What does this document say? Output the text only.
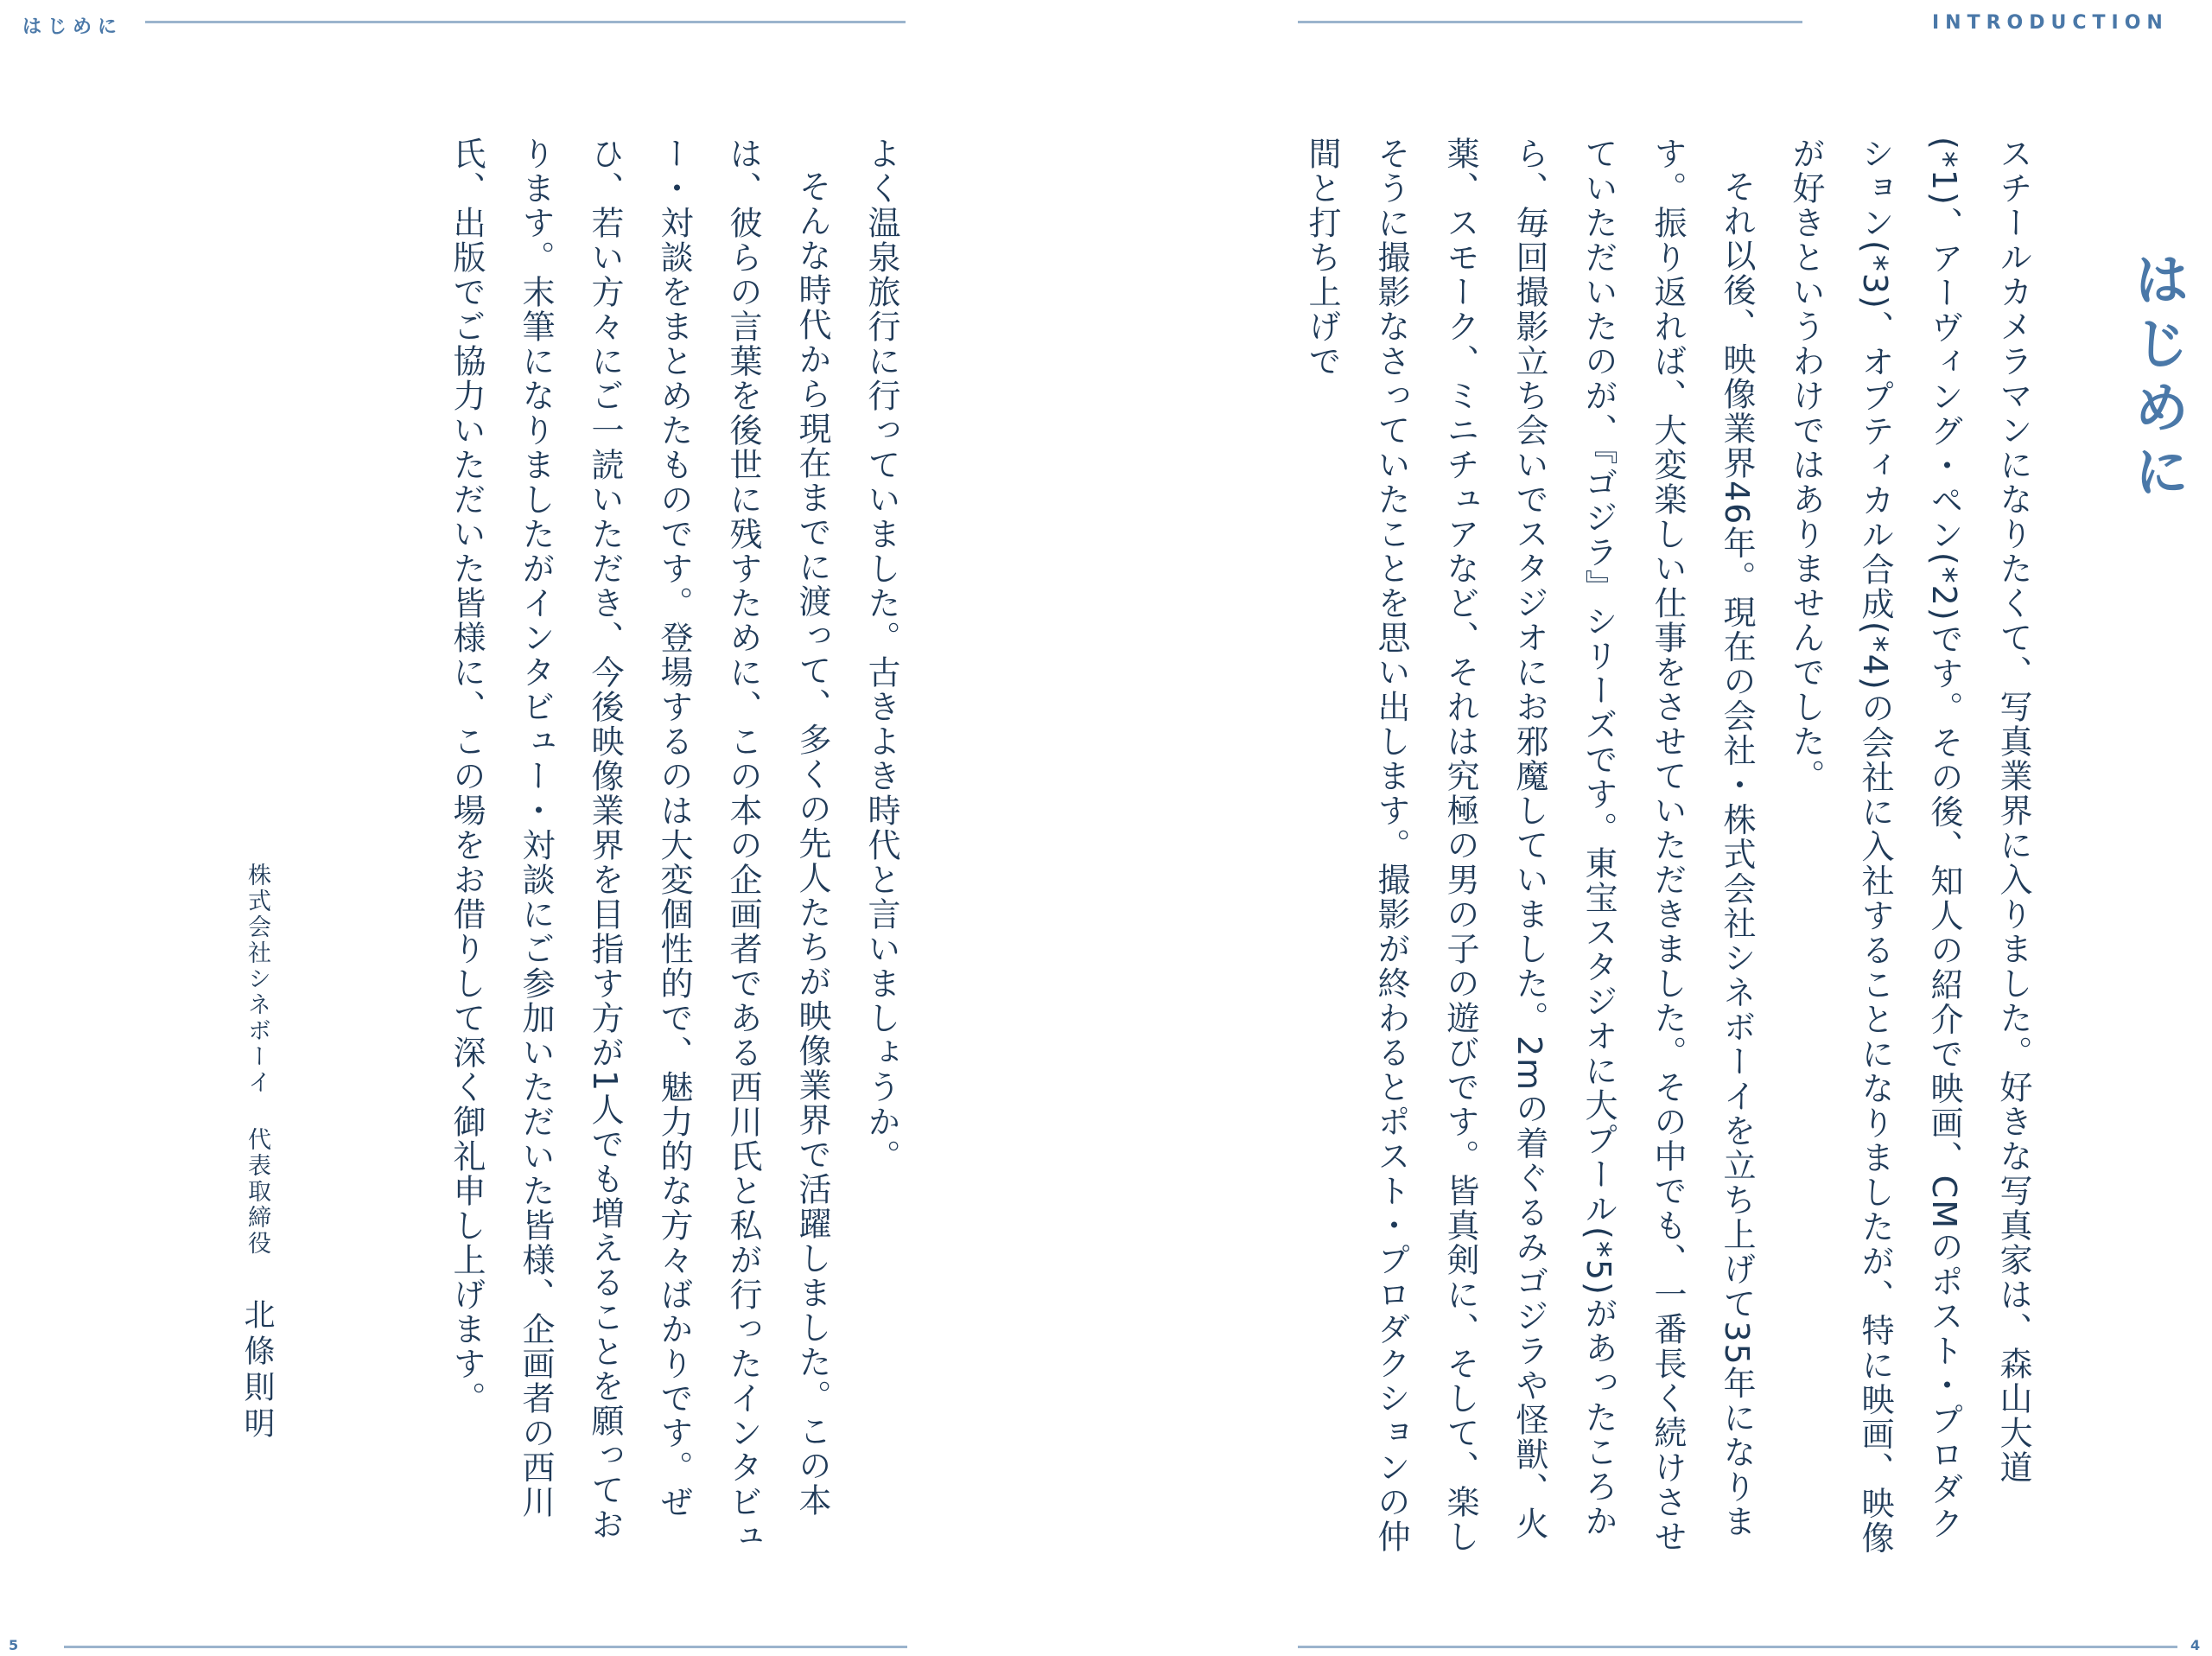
はじめに

よく温泉旅行に行っていました。古きよき時代と言いましょうか。

そんな時代から現在までに渡って、多くの先人たちが映像業界で活躍しました。この本は、彼らの言葉を後世に残すために、この本の企画者である西川氏と私が行ったインタビュー・対談をまとめたものです。登場するのは大変個性的で、魅力的な方々ばかりです。ぜひ、若い方々にご一読いただき、今後映像業界を目指す方が1人でも増えることを願っております。末筆になりましたがインタビュー・対談にご参加いただいた皆様、企画者の西川氏、出版でご協力いただいた皆様に、この場をお借りして深く御礼申し上げます。

株式会社シネボーイ代表取締役北條則明
5
INTRODUCTION
はじめに

スチールカメラマンになりたくて、写真業界に入りました。好きな写真家は、森山大道(*1)、アーヴィング・ペン(*2)です。その後、知人の紹介で映画、CMのポスト・プロダクション(*3)、オプティカル合成(*4)の会社に入社することになりましたが、特に映画、映像が好きというわけではありませんでした。

それ以後、映像業界46年。現在の会社・株式会社シネボーイを立ち上げて35年になります。振り返れば、大変楽しい仕事をさせていただきました。その中でも、一番長く続けさせていただいたのが、『ゴジラ』シリーズです。東宝スタジオに大プール(*5)があったころから、毎回撮影立ち会いでスタジオにお邪魔していました。2mの着ぐるみゴジラや怪獣、火薬、スモーク、ミニチュアなど、それは究極の男の子の遊びです。皆真剣に、そして、楽しそうに撮影なさっていたことを思い出します。撮影が終わるとポスト・プロダクションの仲間と打ち上げで

4
